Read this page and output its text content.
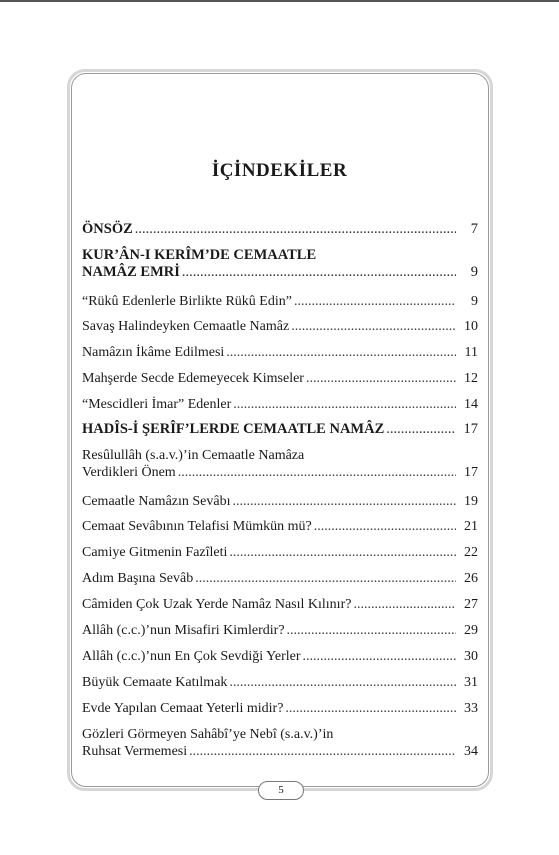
İÇİNDEKİLER
ÖNSÖZ .....	7
KUR’ÂN-I KERÎM’DE CEMAATLE
NAMÂZ EMRİ .....	9
“Rükû Edenlerle Birlikte Rükû Edin” .....	9
Savaş Halindeyken Cemaatle Namâz .....	10
Namâzın İkâme Edilmesi .....	11
Mahşerde Secde Edemeyecek Kimseler .....	12
“Mescidleri İmar” Edenler .....	14
HADÎS-İ ŞERÎF’LERDE CEMAATLE NAMÂZ .....	17
Resûlullâh (s.a.v.)’in Cemaatle Namâza
Verdikleri Önem .....	17
Cemaatle Namâzın Sevâbı .....	19
Cemaat Sevâbının Telafisi Mümkün mü? .....	21
Camiye Gitmenin Fazîleti .....	22
Adım Başına Sevâb .....	26
Câmiden Çok Uzak Yerde Namâz Nasıl Kılınır? .....	27
Allâh (c.c.)’nun Misafiri Kimlerdir? .....	29
Allâh (c.c.)’nun En Çok Sevdiği Yerler .....	30
Büyük Cemaate Katılmak .....	31
Evde Yapılan Cemaat Yeterli midir? .....	33
Gözleri Görmeyen Sahâbî’ye Nebî (s.a.v.)’in
Ruhsat Vermemesi .....	34
5
